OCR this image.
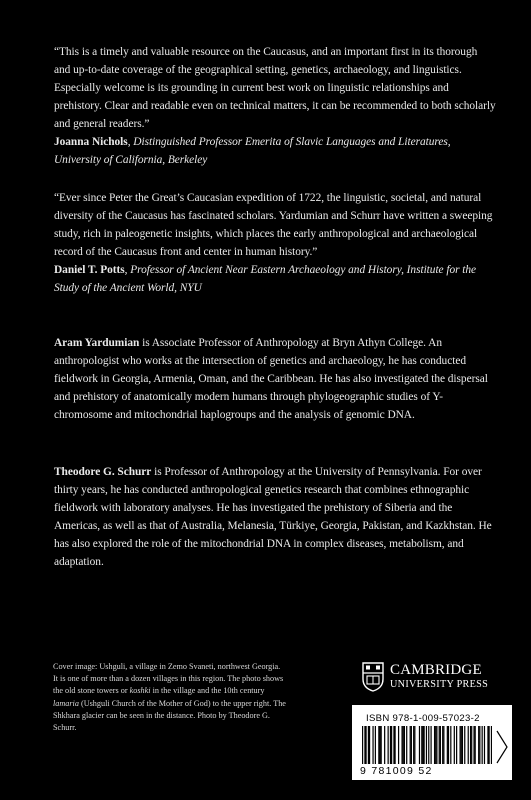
“This is a timely and valuable resource on the Caucasus, and an important first in its thorough and up-to-date coverage of the geographical setting, genetics, archaeology, and linguistics. Especially welcome is its grounding in current best work on linguistic relationships and prehistory. Clear and readable even on technical matters, it can be recommended to both scholarly and general readers.”

Joanna Nichols, Distinguished Professor Emerita of Slavic Languages and Literatures, University of California, Berkeley

“Ever since Peter the Great’s Caucasian expedition of 1722, the linguistic, societal, and natural diversity of the Caucasus has fascinated scholars. Yardumian and Schurr have written a sweeping study, rich in paleogenetic insights, which places the early anthropological and archaeological record of the Caucasus front and center in human history.”

Daniel T. Potts, Professor of Ancient Near Eastern Archaeology and History, Institute for the Study of the Ancient World, NYU

Aram Yardumian is Associate Professor of Anthropology at Bryn Athyn College. An anthropologist who works at the intersection of genetics and archaeology, he has conducted fieldwork in Georgia, Armenia, Oman, and the Caribbean. He has also investigated the dispersal and prehistory of anatomically modern humans through phylogeographic studies of Y-chromosome and mitochondrial haplogroups and the analysis of genomic DNA.

Theodore G. Schurr is Professor of Anthropology at the University of Pennsylvania. For over thirty years, he has conducted anthropological genetics research that combines ethnographic fieldwork with laboratory analyses. He has investigated the prehistory of Siberia and the Americas, as well as that of Australia, Melanesia, Türkiye, Georgia, Pakistan, and Kazkhstan. He has also explored the role of the mitochondrial DNA in complex diseases, metabolism, and adaptation.

Cover image: Ushguli, a village in Zemo Svaneti, northwest Georgia. It is one of more than a dozen villages in this region. The photo shows the old stone towers or koshki in the village and the 10th century lamaria (Ushguli Church of the Mother of God) to the upper right. The Shkhara glacier can be seen in the distance. Photo by Theodore G. Schurr.
CAMBRIDGE
UNIVERSITY PRESS
ISBN 978-1-009-57023-2
9 781009 52
